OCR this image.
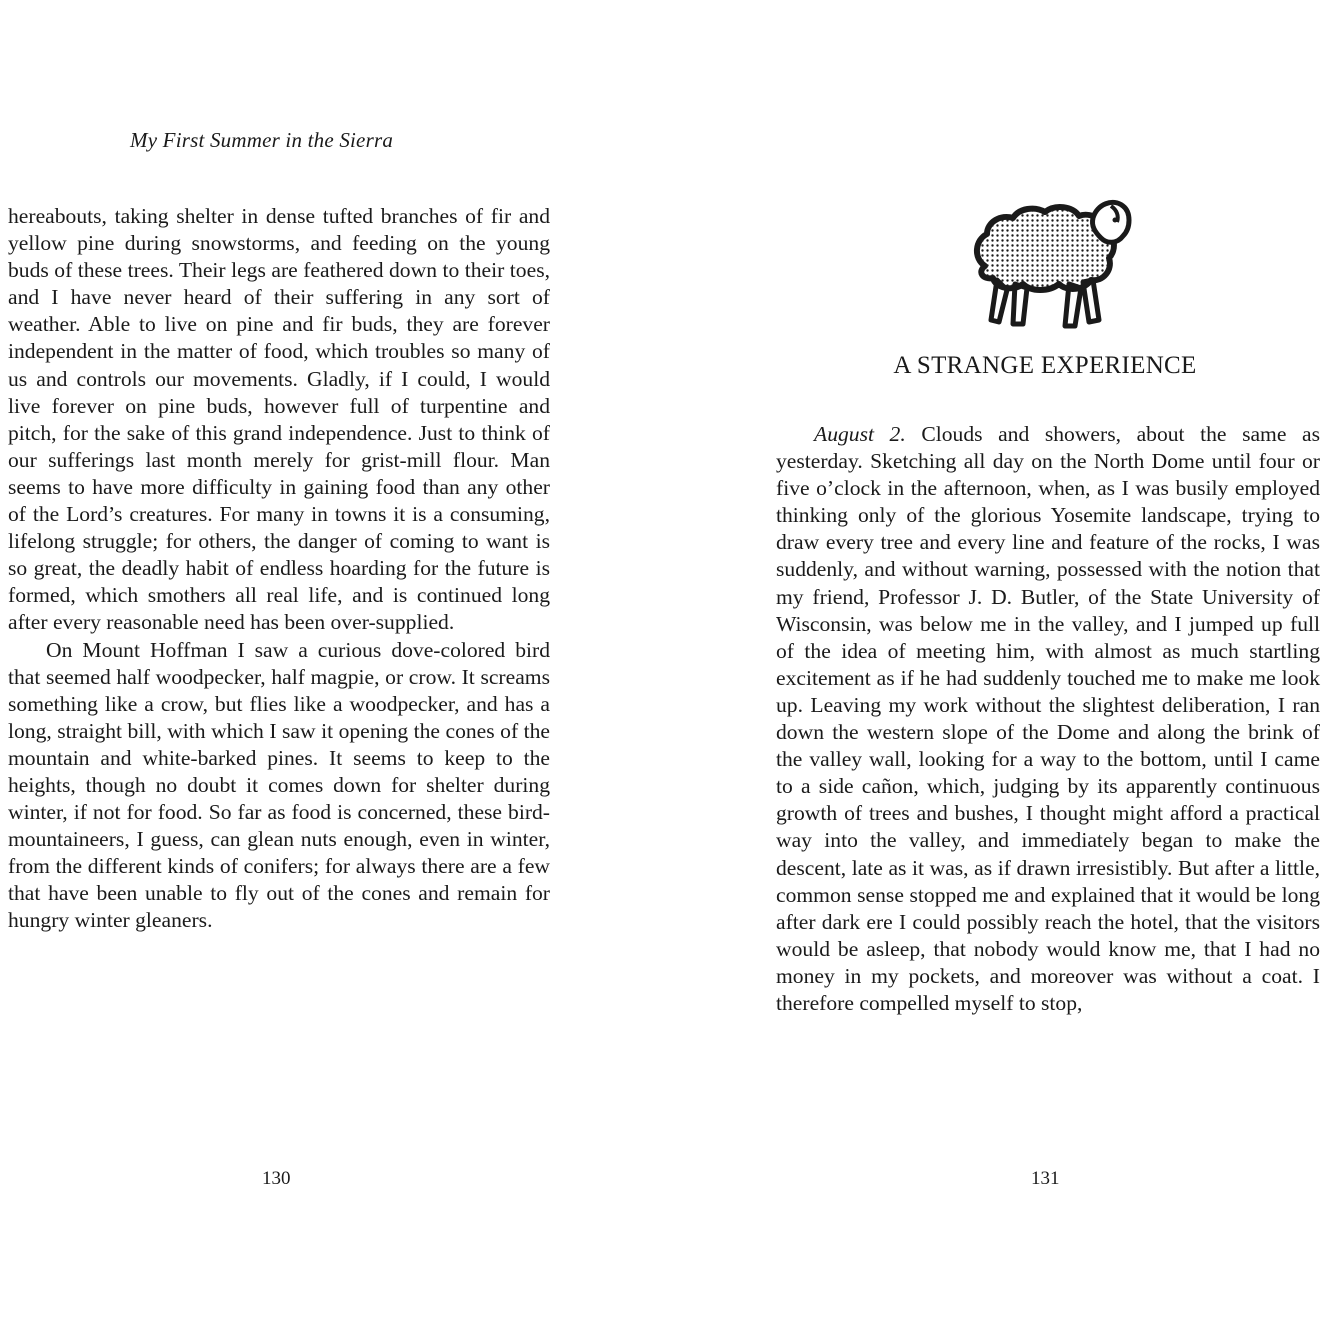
My First Summer in the Sierra

hereabouts, taking shelter in dense tufted branches of fir and yellow pine during snowstorms, and feeding on the young buds of these trees. Their legs are feathered down to their toes, and I have never heard of their suffering in any sort of weather. Able to live on pine and fir buds, they are forever independent in the matter of food, which troubles so many of us and controls our movements. Gladly, if I could, I would live forever on pine buds, however full of turpentine and pitch, for the sake of this grand independence. Just to think of our sufferings last month merely for grist-mill flour. Man seems to have more difficulty in gaining food than any other of the Lord’s creatures. For many in towns it is a consuming, lifelong struggle; for others, the danger of coming to want is so great, the deadly habit of endless hoarding for the future is formed, which smothers all real life, and is continued long after every reasonable need has been over-supplied.

On Mount Hoffman I saw a curious dove-colored bird that seemed half woodpecker, half magpie, or crow. It screams something like a crow, but flies like a woodpecker, and has a long, straight bill, with which I saw it opening the cones of the mountain and white-barked pines. It seems to keep to the heights, though no doubt it comes down for shelter during winter, if not for food. So far as food is concerned, these bird-mountaineers, I guess, can glean nuts enough, even in winter, from the different kinds of conifers; for always there are a few that have been unable to fly out of the cones and remain for hungry winter gleaners.

130
A STRANGE EXPERIENCE

August 2. Clouds and showers, about the same as yesterday. Sketching all day on the North Dome until four or five o’clock in the afternoon, when, as I was busily employed thinking only of the glorious Yosemite landscape, trying to draw every tree and every line and feature of the rocks, I was suddenly, and without warning, possessed with the notion that my friend, Professor J. D. Butler, of the State University of Wisconsin, was below me in the valley, and I jumped up full of the idea of meeting him, with almost as much startling excitement as if he had suddenly touched me to make me look up. Leaving my work without the slightest deliberation, I ran down the western slope of the Dome and along the brink of the valley wall, looking for a way to the bottom, until I came to a side cañon, which, judging by its apparently continuous growth of trees and bushes, I thought might afford a practical way into the valley, and immediately began to make the descent, late as it was, as if drawn irresistibly. But after a little, common sense stopped me and explained that it would be long after dark ere I could possibly reach the hotel, that the visitors would be asleep, that nobody would know me, that I had no money in my pockets, and moreover was without a coat. I therefore compelled myself to stop,

131
